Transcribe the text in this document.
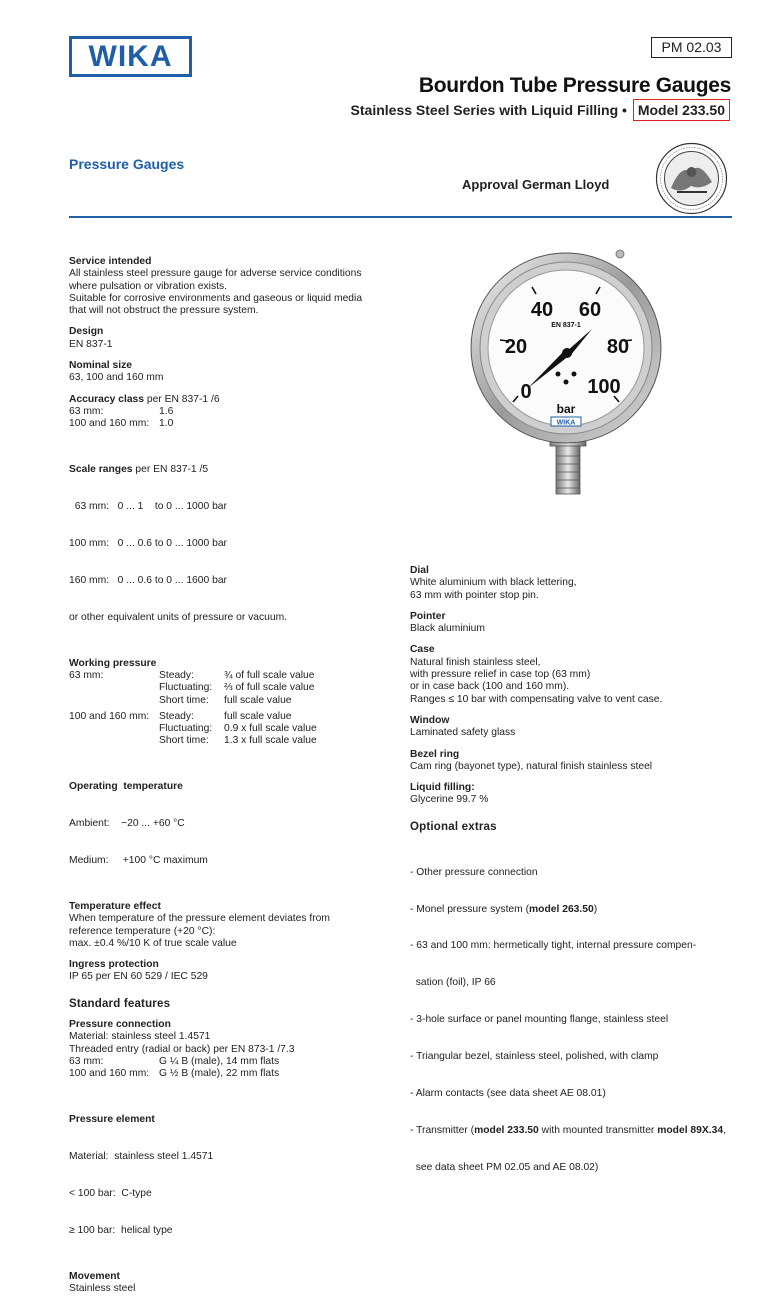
WIKA	PM 02.03
Bourdon Tube Pressure Gauges
Stainless Steel Series with Liquid Filling • Model 233.50
Pressure Gauges
Approval German Lloyd
0
20
40 60
80
100
EN 837-1
bar
WIKA
Service intended
All stainless steel pressure gauge for adverse service conditions
where pulsation or vibration exists.
Suitable for corrosive environments and gaseous or liquid media
that will not obstruct the pressure system.
Design
EN 837-1
Nominal size
63, 100 and 160 mm
Accuracy class per EN 837-1 /6
63 mm:	1.6
100 and 160 mm: 1.0

Scale ranges per EN 837-1 /5

63 mm:   0 ... 1    to 0 ... 1000 bar

100 mm:   0 ... 0.6 to 0 ... 1000 bar

160 mm:   0 ... 0.6 to 0 ... 1600 bar

or other equivalent units of pressure or vacuum.

Working pressure
63 mm:	Steady:	¾ of full scale value
Fluctuating:	⅔ of full scale value
Short time:	full scale value
100 and 160 mm: Steady:	full scale value
Fluctuating:	0.9 x full scale value
Short time:	1.3 x full scale value

Operating  temperature

Ambient:    −20 ... +60 °C

Medium:     +100 °C maximum

Temperature effect
When temperature of the pressure element deviates from
reference temperature (+20 °C):
max. ±0.4 %/10 K of true scale value
Ingress protection
IP 65 per EN 60 529 / IEC 529
Standard features
Pressure connection
Material: stainless steel 1.4571
Threaded entry (radial or back) per EN 873-1 /7.3
63 mm:	G ¼ B (male), 14 mm flats
100 and 160 mm: G ½ B (male), 22 mm flats

Pressure element

Material:  stainless steel 1.4571

< 100 bar:  C-type

≥ 100 bar:  helical type

Movement
Stainless steel
Dial
White aluminium with black lettering,
63 mm with pointer stop pin.
Pointer
Black aluminium
Case
Natural finish stainless steel,
with pressure relief in case top (63 mm)
or in case back (100 and 160 mm).
Ranges ≤ 10 bar with compensating valve to vent case.
Window
Laminated safety glass
Bezel ring
Cam ring (bayonet type), natural finish stainless steel
Liquid filling:
Glycerine 99.7 %
Optional extras

- Other pressure connection

- Monel pressure system (model 263.50)

- 63 and 100 mm: hermetically tight, internal pressure compen-

sation (foil), IP 66

- 3-hole surface or panel mounting flange, stainless steel

- Triangular bezel, stainless steel, polished, with clamp

- Alarm contacts (see data sheet AE 08.01)

- Transmitter (model 233.50 with mounted transmitter model 89X.34,

see data sheet PM 02.05 and AE 08.02)
